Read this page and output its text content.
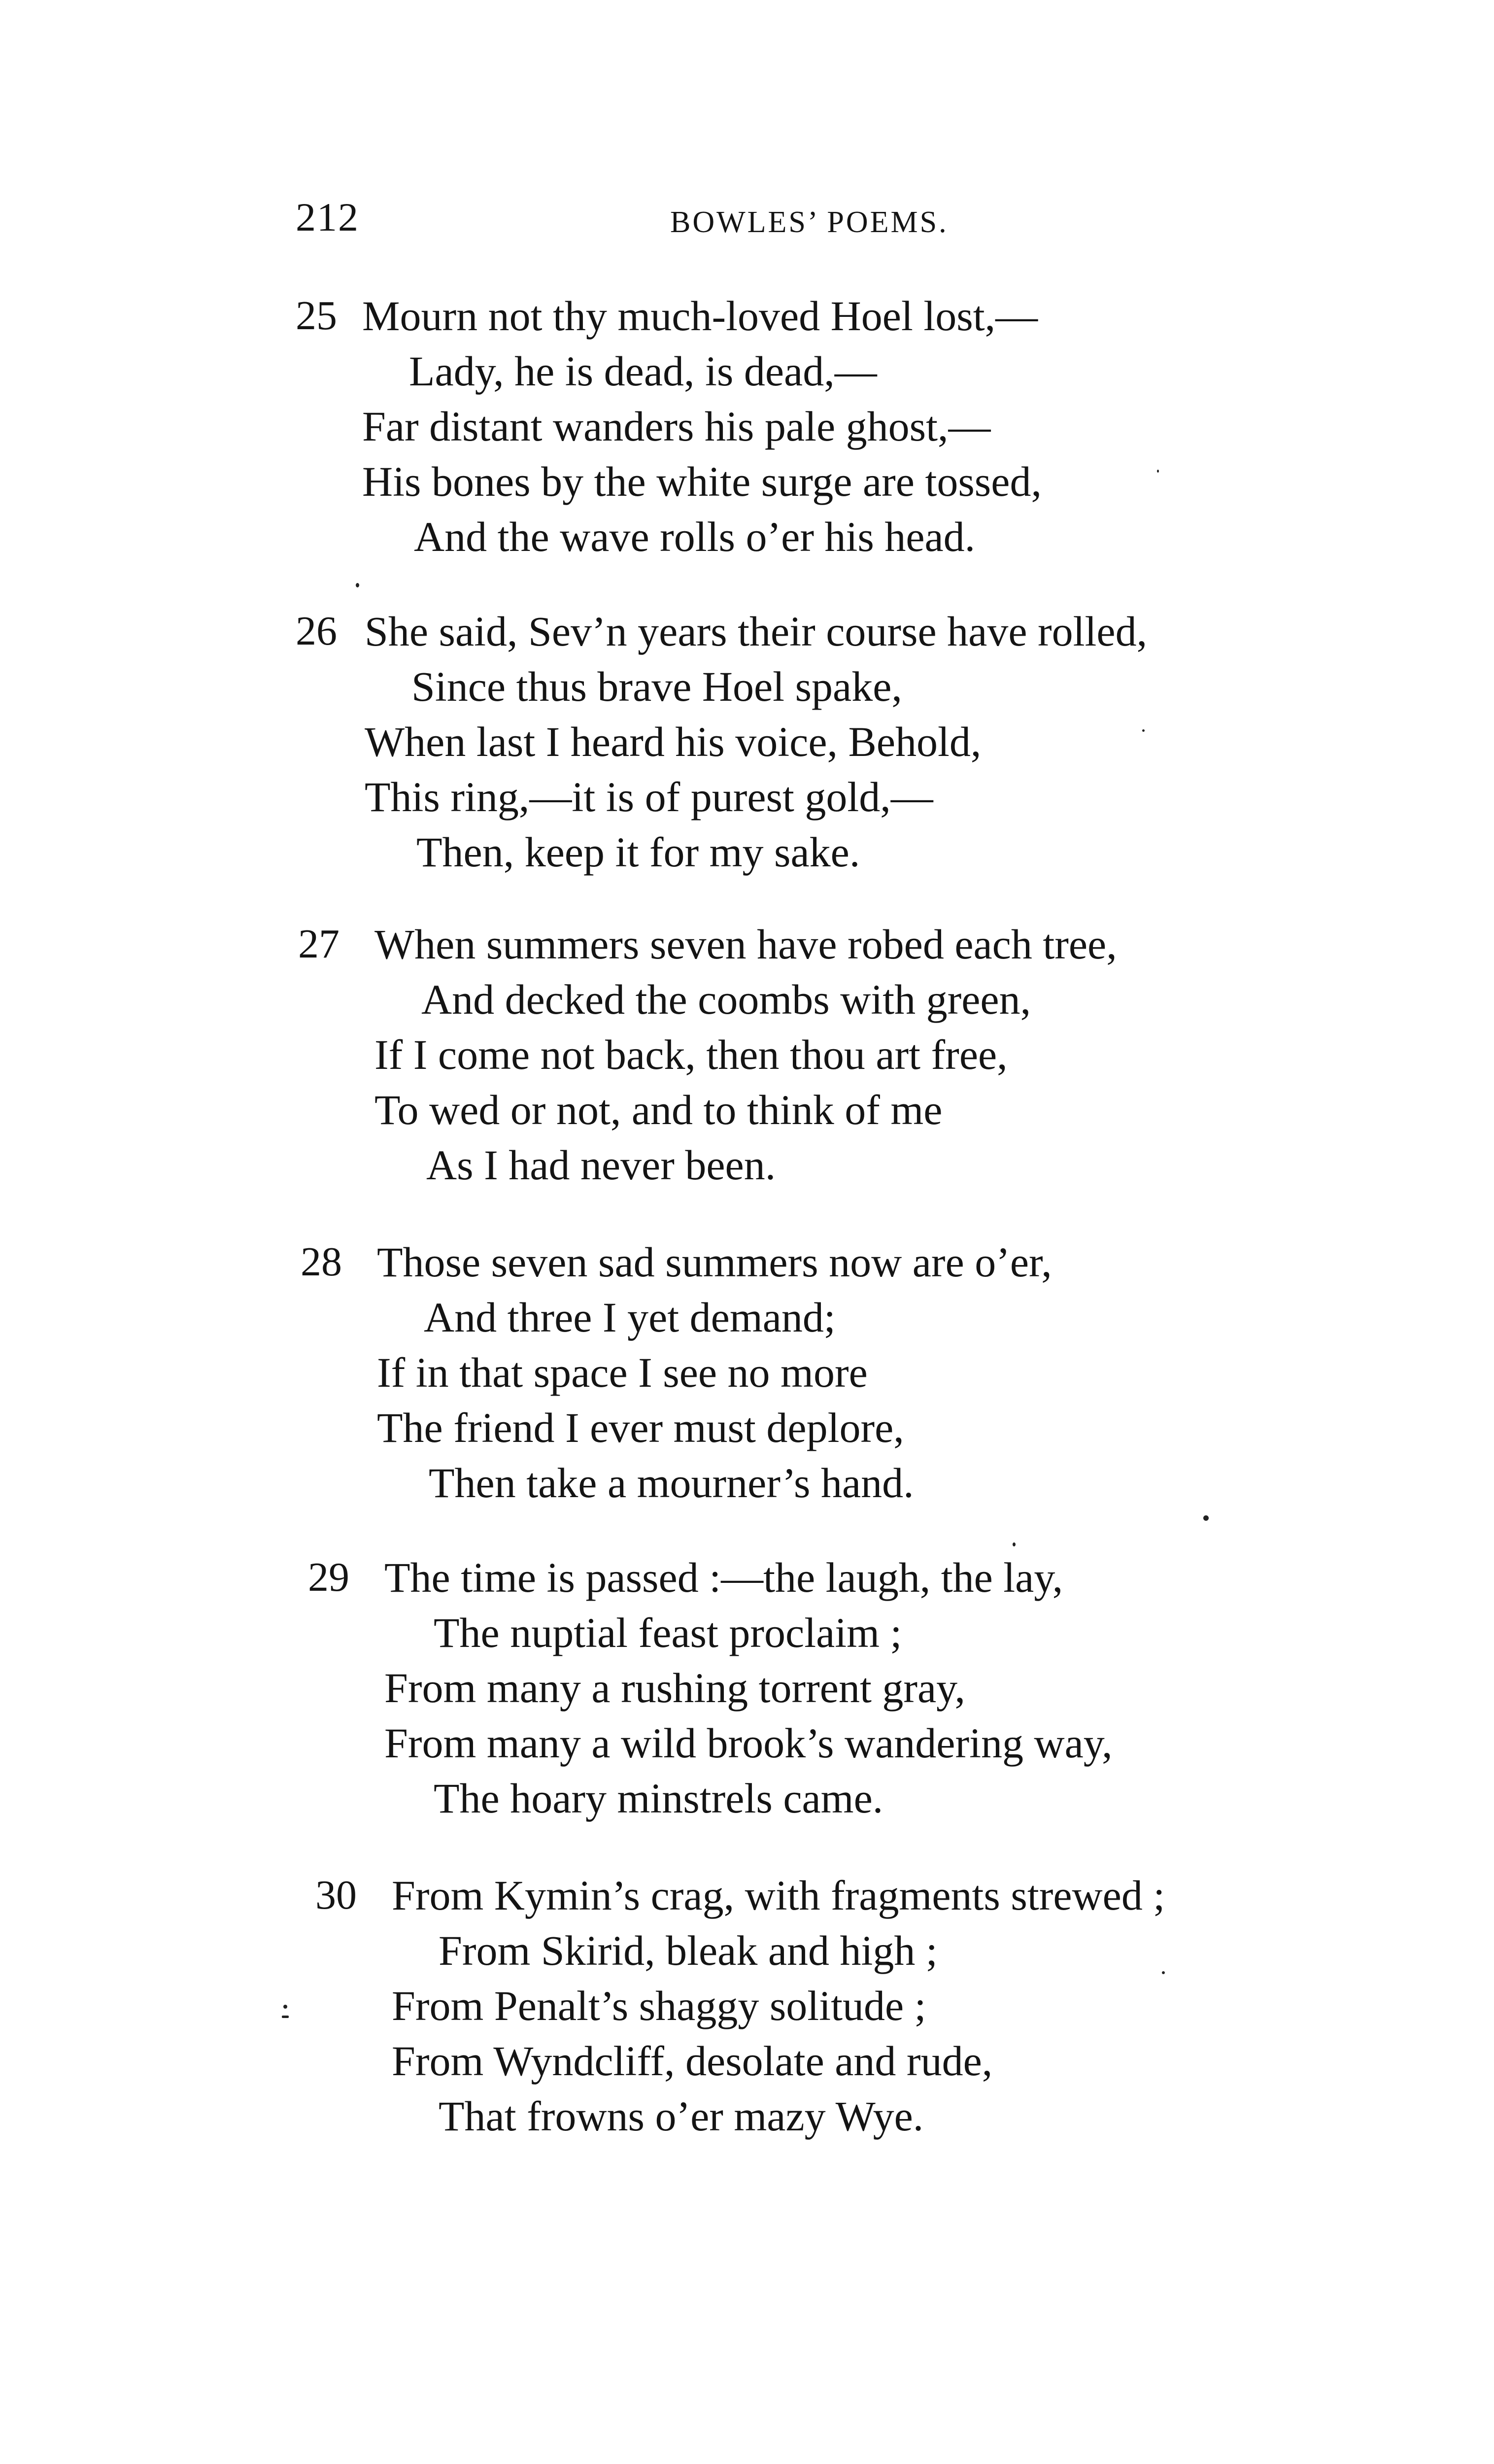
212	BOWLES’ POEMS.
25 Mourn not thy much-loved Hoel lost,—
Lady, he is dead, is dead,—
Far distant wanders his pale ghost,—
His bones by the white surge are tossed,
And the wave rolls o’er his head.
26 She said, Sev’n years their course have rolled,
Since thus brave Hoel spake,
When last I heard his voice, Behold,
This ring,—it is of purest gold,—
Then, keep it for my sake.
27 When summers seven have robed each tree,
And decked the coombs with green,
If I come not back, then thou art free,
To wed or not, and to think of me
As I had never been.
28 Those seven sad summers now are o’er,
And three I yet demand;
If in that space I see no more
The friend I ever must deplore,
Then take a mourner’s hand.
29 The time is passed :—the laugh, the lay,
The nuptial feast proclaim ;
From many a rushing torrent gray,
From many a wild brook’s wandering way,
The hoary minstrels came.
30 From Kymin’s crag, with fragments strewed ;
From Skirid, bleak and high ;
From Penalt’s shaggy solitude ;
From Wyndcliff, desolate and rude,
That frowns o’er mazy Wye.
